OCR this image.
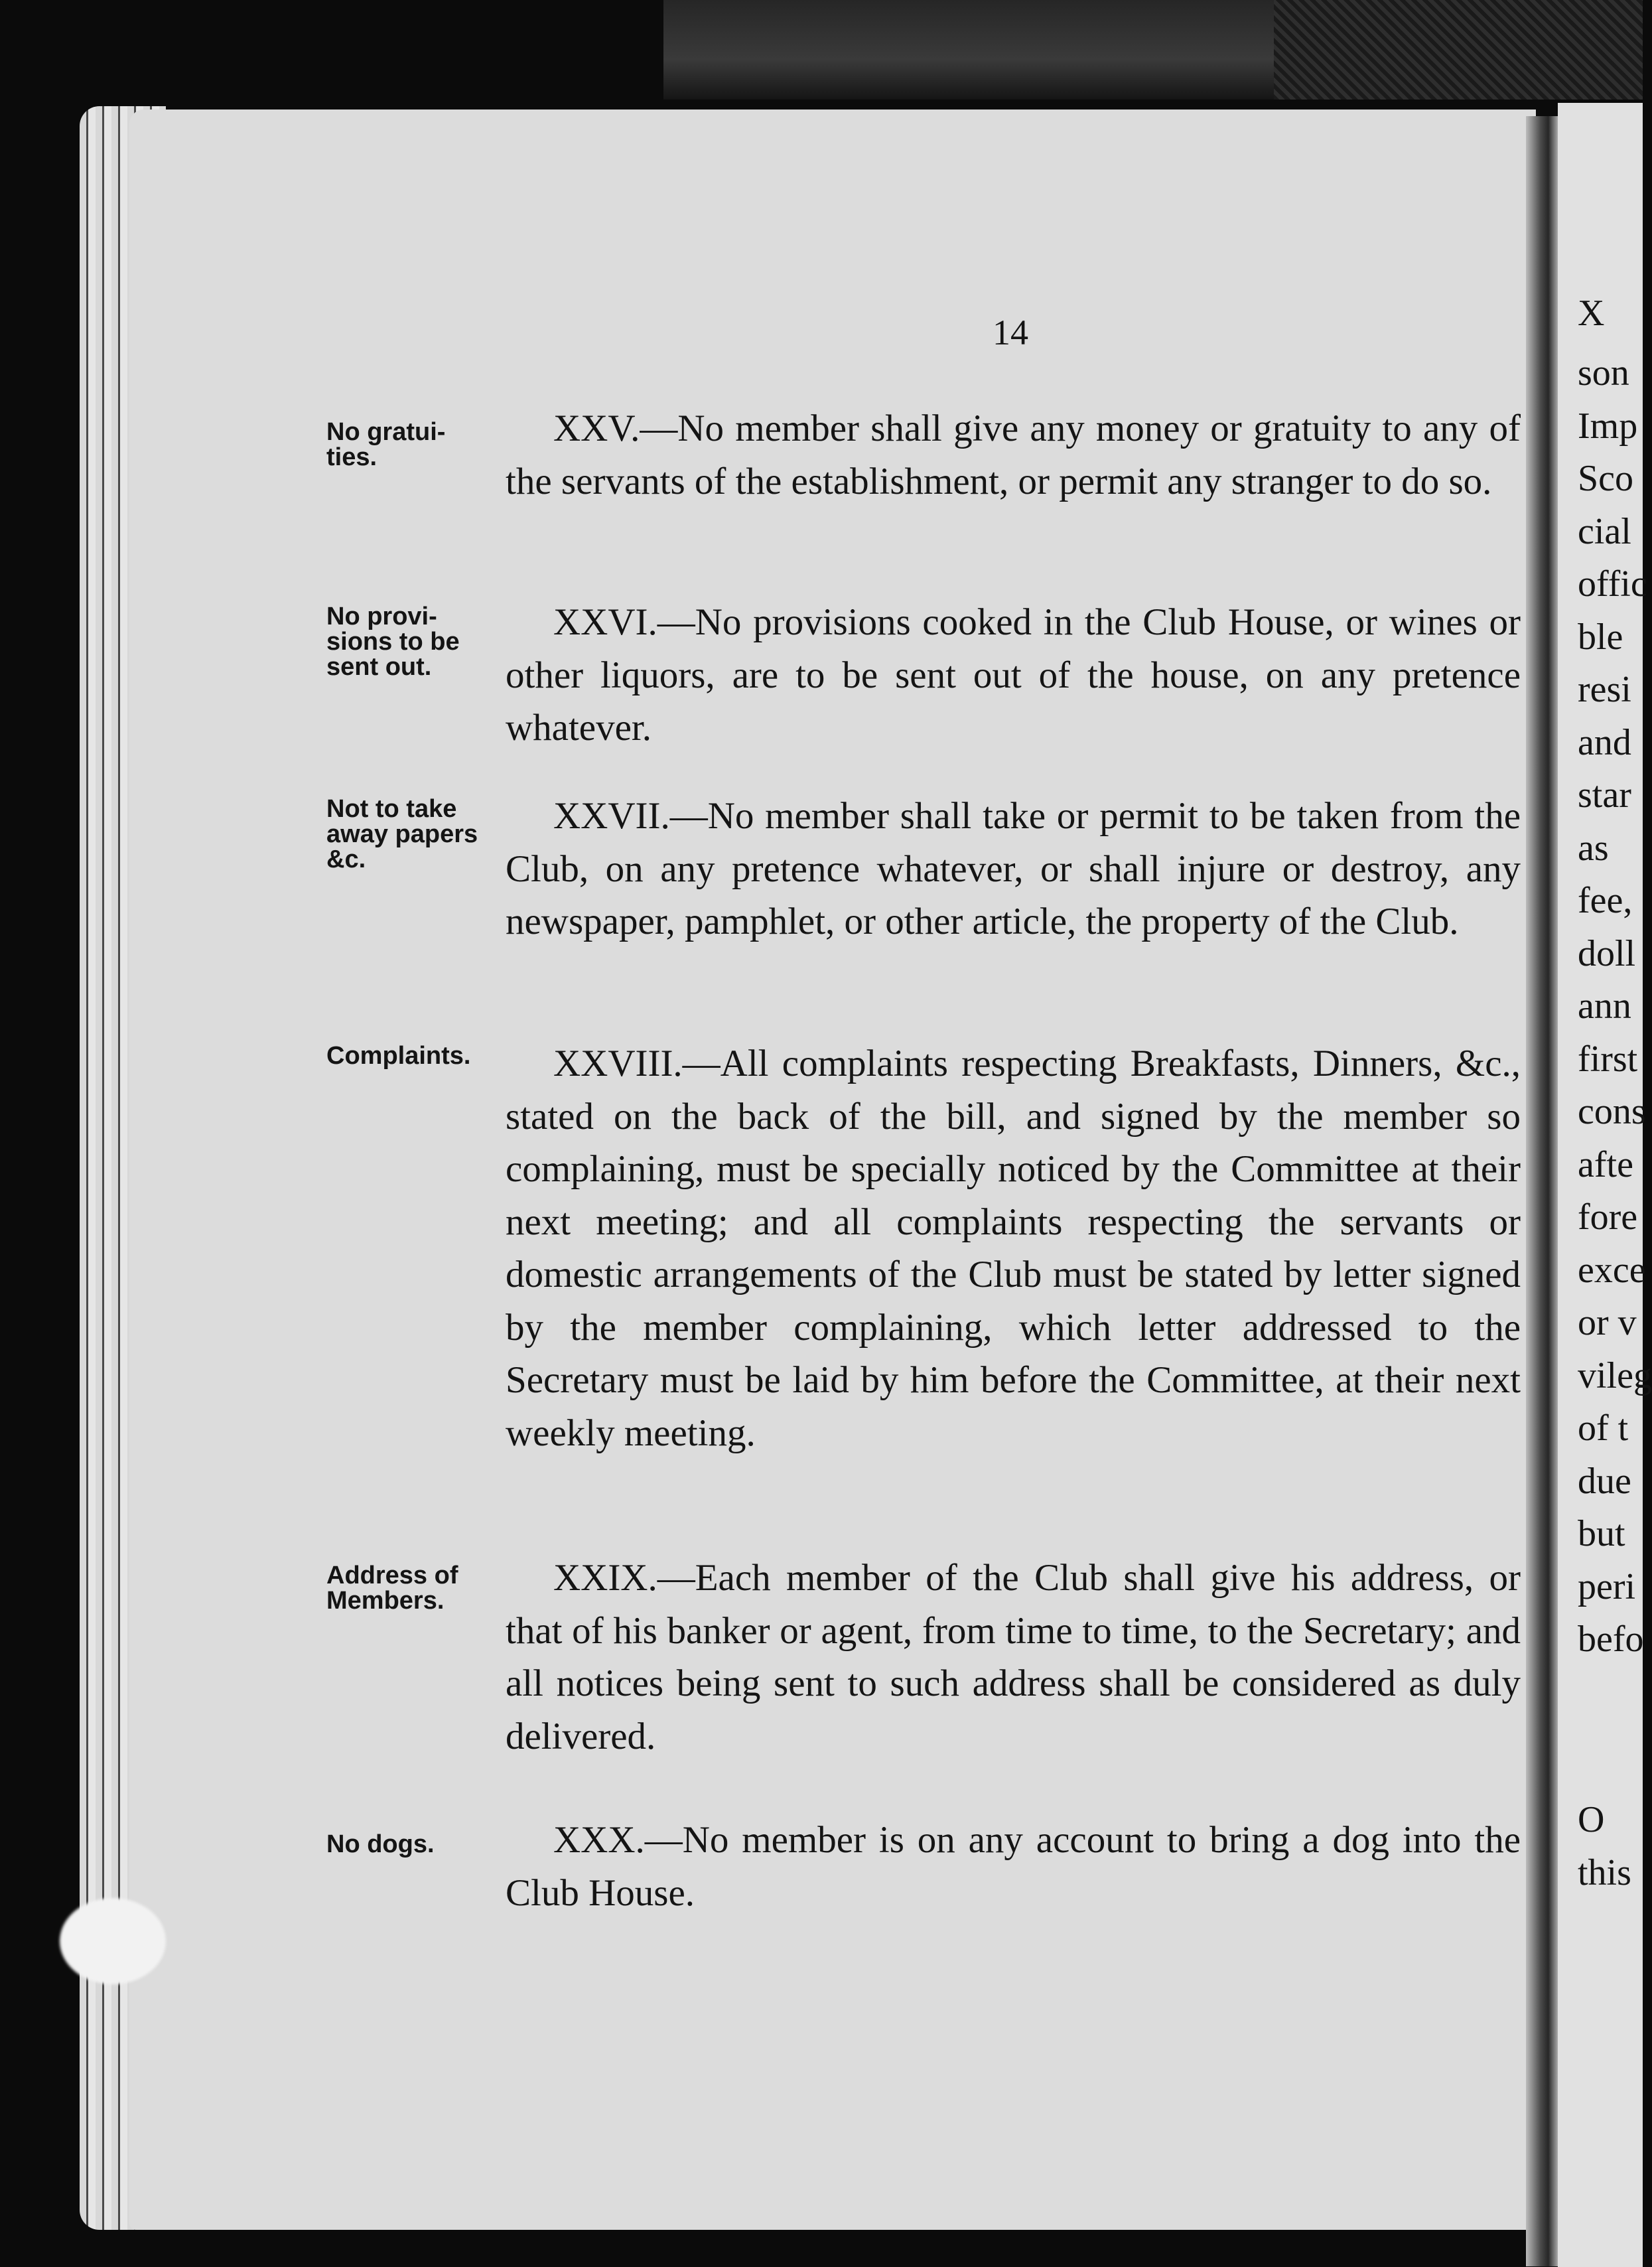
X
son
Imp
Sco
cial
offic
ble
resi
and
star
as
fee,
doll
ann
first
cons
afte
fore
exce
or v
vileg
of t
due
but
peri
befo
O
this
14
No gratui-
ties.

XXV.—No member shall give any money or gratuity to any of the servants of the establishment, or permit any stranger to do so.

No provi-
sions to be
sent out.

XXVI.—No provisions cooked in the Club House, or wines or other liquors, are to be sent out of the house, on any pretence whatever.

Not to take
away papers
&c.

XXVII.—No member shall take or permit to be taken from the Club, on any pretence whatever, or shall injure or destroy, any newspaper, pamphlet, or other article, the property of the Club.

Complaints.	XXVIII.—All complaints respecting Breakfasts, Dinners, &c., stated on the back of the bill, and signed by the member so complaining, must be specially noticed by the Committee at their next meeting; and all complaints respecting the servants or domestic arrangements of the Club must be stated by letter signed by the member complaining, which letter addressed to the Secretary must be laid by him before the Committee, at their next weekly meeting.

Address of
Members.

XXIX.—Each member of the Club shall give his address, or that of his banker or agent, from time to time, to the Secretary; and all notices being sent to such address shall be considered as duly delivered.

No dogs.	XXX.—No member is on any account to bring a dog into the Club House.
